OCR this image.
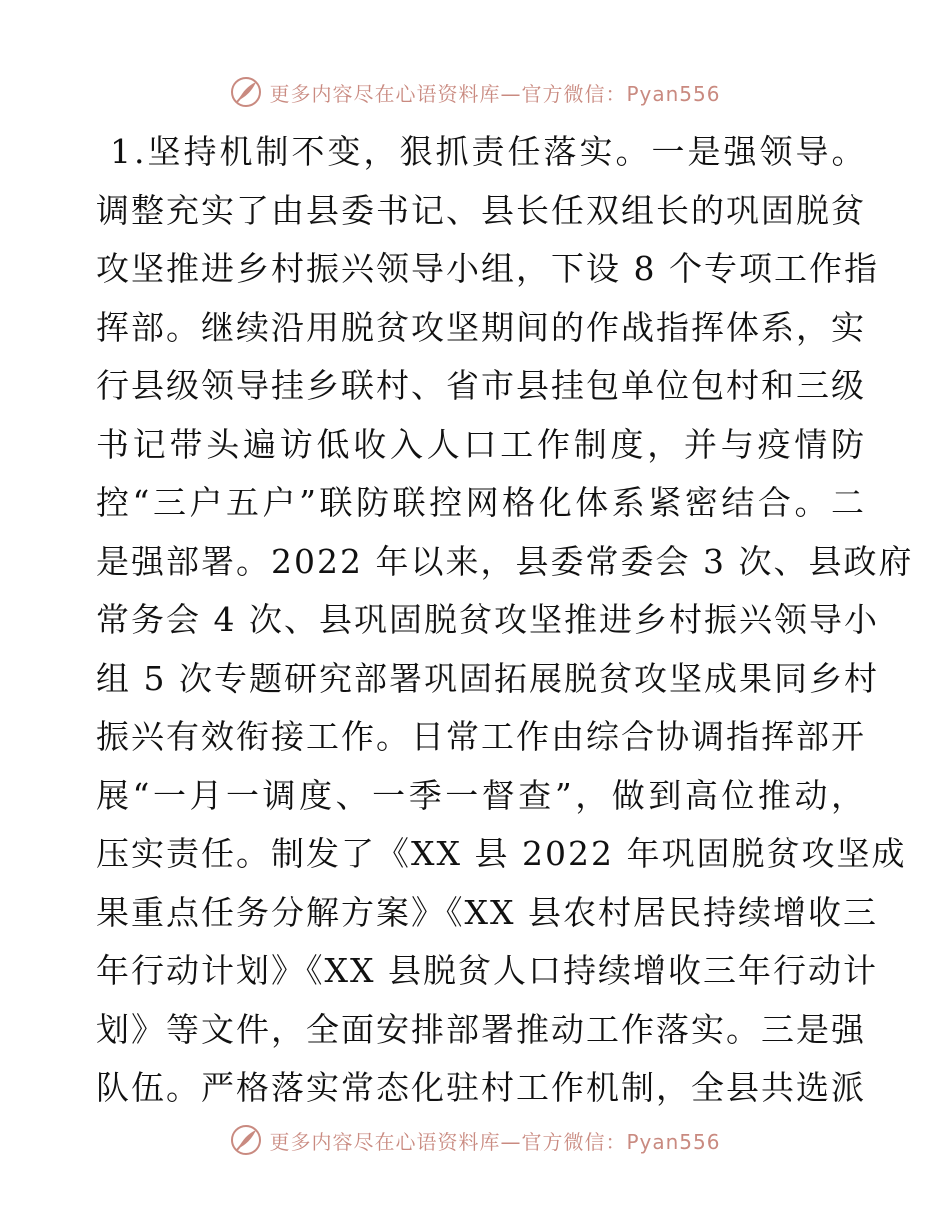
更多内容尽在心语资料库—官方微信：Pyan556
1.坚持机制不变，狠抓责任落实。一是强领导。
调整充实了由县委书记、县长任双组长的巩固脱贫
攻坚推进乡村振兴领导小组，下设 8 个专项工作指
挥部。继续沿用脱贫攻坚期间的作战指挥体系，实
行县级领导挂乡联村、省市县挂包单位包村和三级
书记带头遍访低收入人口工作制度，并与疫情防
控“三户五户”联防联控网格化体系紧密结合。二
是强部署。2022 年以来，县委常委会 3 次、县政府
常务会 4 次、县巩固脱贫攻坚推进乡村振兴领导小
组 5 次专题研究部署巩固拓展脱贫攻坚成果同乡村
振兴有效衔接工作。日常工作由综合协调指挥部开
展“一月一调度、一季一督查”，做到高位推动，
压实责任。制发了《XX 县 2022 年巩固脱贫攻坚成
果重点任务分解方案》《XX 县农村居民持续增收三
年行动计划》《XX 县脱贫人口持续增收三年行动计
划》等文件，全面安排部署推动工作落实。三是强
队伍。严格落实常态化驻村工作机制，全县共选派
更多内容尽在心语资料库—官方微信：Pyan556
